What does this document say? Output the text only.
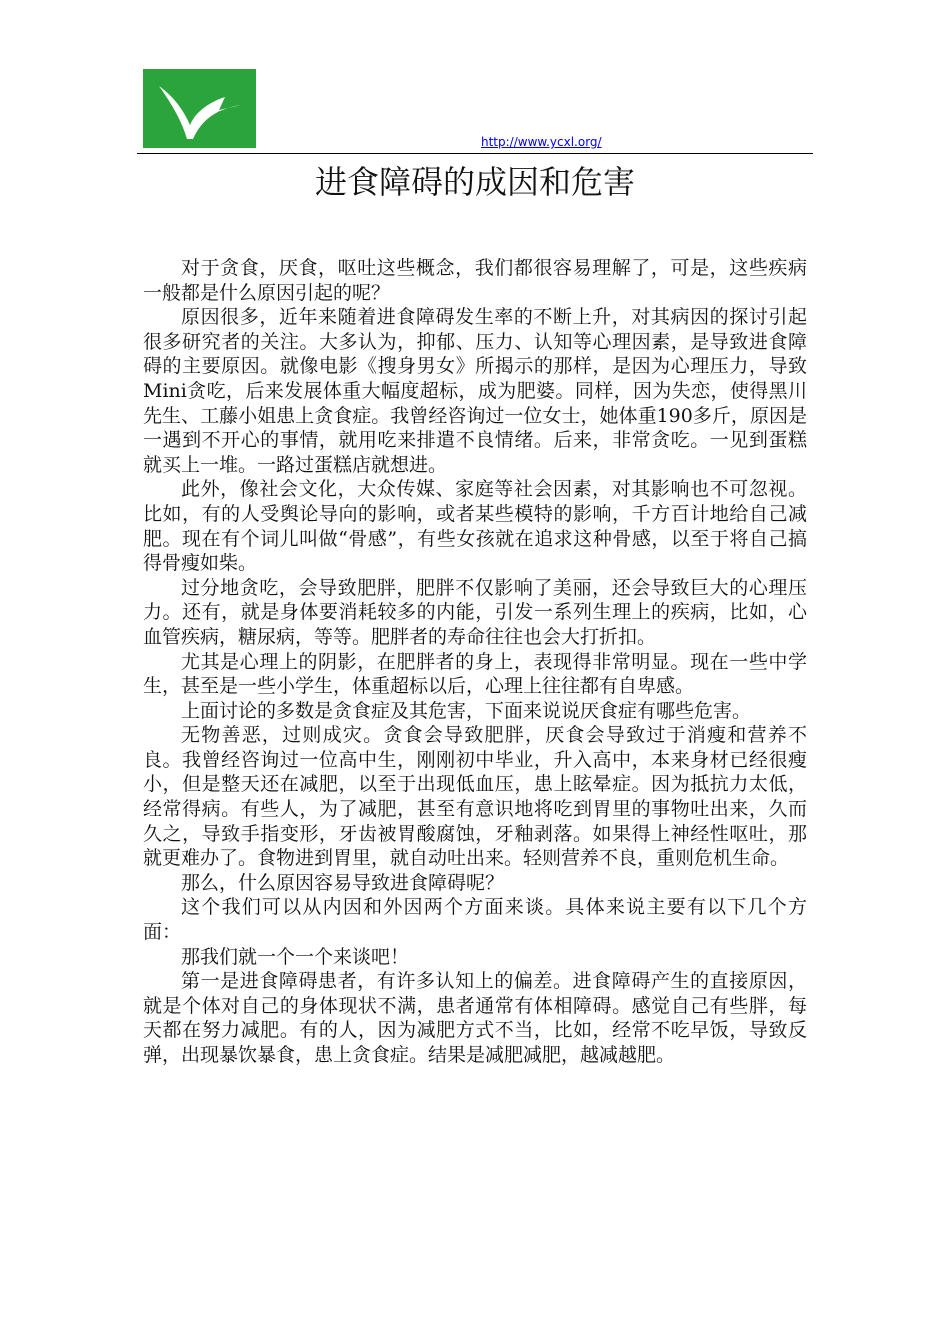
http://www.ycxl.org/
进食障碍的成因和危害

对于贪食，厌食，呕吐这些概念，我们都很容易理解了，可是，这些疾病一般都是什么原因引起的呢？

原因很多，近年来随着进食障碍发生率的不断上升，对其病因的探讨引起很多研究者的关注。大多认为，抑郁、压力、认知等心理因素，是导致进食障碍的主要原因。就像电影《搜身男女》所揭示的那样，是因为心理压力，导致Mini贪吃，后来发展体重大幅度超标，成为肥婆。同样，因为失恋，使得黑川先生、工藤小姐患上贪食症。我曾经咨询过一位女士，她体重190多斤，原因是一遇到不开心的事情，就用吃来排遣不良情绪。后来，非常贪吃。一见到蛋糕就买上一堆。一路过蛋糕店就想进。

此外，像社会文化，大众传媒、家庭等社会因素，对其影响也不可忽视。比如，有的人受舆论导向的影响，或者某些模特的影响，千方百计地给自己减肥。现在有个词儿叫做“骨感”，有些女孩就在追求这种骨感，以至于将自己搞得骨瘦如柴。

过分地贪吃，会导致肥胖，肥胖不仅影响了美丽，还会导致巨大的心理压力。还有，就是身体要消耗较多的内能，引发一系列生理上的疾病，比如，心血管疾病，糖尿病，等等。肥胖者的寿命往往也会大打折扣。

尤其是心理上的阴影，在肥胖者的身上，表现得非常明显。现在一些中学生，甚至是一些小学生，体重超标以后，心理上往往都有自卑感。

上面讨论的多数是贪食症及其危害，下面来说说厌食症有哪些危害。

无物善恶，过则成灾。贪食会导致肥胖，厌食会导致过于消瘦和营养不良。我曾经咨询过一位高中生，刚刚初中毕业，升入高中，本来身材已经很瘦小，但是整天还在减肥，以至于出现低血压，患上眩晕症。因为抵抗力太低，经常得病。有些人，为了减肥，甚至有意识地将吃到胃里的事物吐出来，久而久之，导致手指变形，牙齿被胃酸腐蚀，牙釉剥落。如果得上神经性呕吐，那就更难办了。食物进到胃里，就自动吐出来。轻则营养不良，重则危机生命。

那么，什么原因容易导致进食障碍呢？

这个我们可以从内因和外因两个方面来谈。具体来说主要有以下几个方面：

那我们就一个一个来谈吧！

第一是进食障碍患者，有许多认知上的偏差。进食障碍产生的直接原因，就是个体对自己的身体现状不满，患者通常有体相障碍。感觉自己有些胖，每天都在努力减肥。有的人，因为减肥方式不当，比如，经常不吃早饭，导致反弹，出现暴饮暴食，患上贪食症。结果是减肥减肥，越减越肥。
